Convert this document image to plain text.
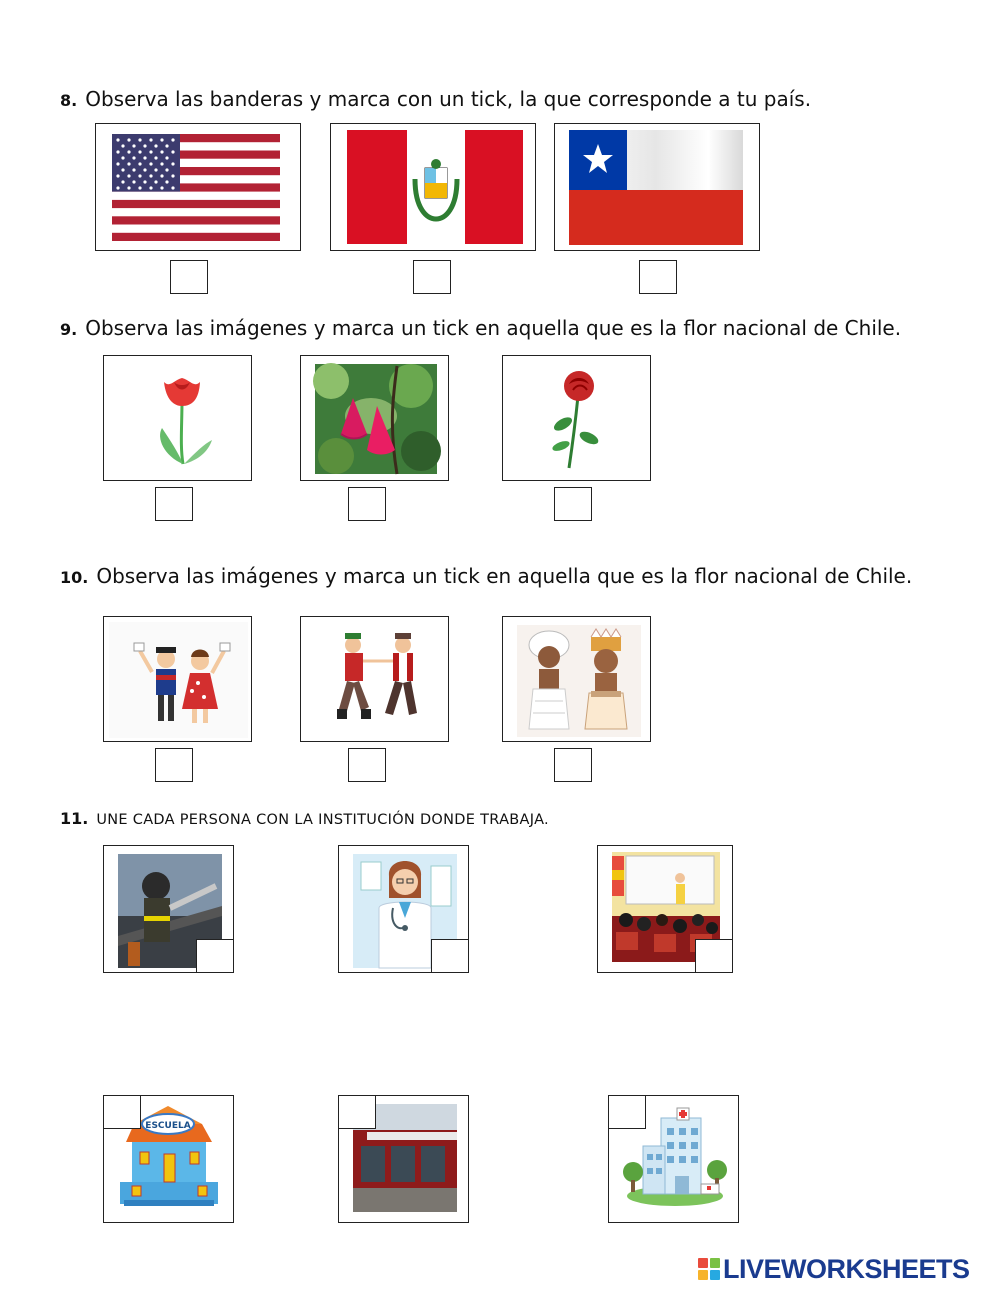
8. Observa las banderas y marca con un tick, la que corresponde a tu país.
9. Observa las imágenes y marca un tick en aquella que es la flor nacional de Chile.
10. Observa las imágenes y marca un tick en aquella que es la flor nacional de Chile.
11. UNE CADA PERSONA CON LA INSTITUCIÓN DONDE TRABAJA.
ESCUELA
LIVEWORKSHEETS
